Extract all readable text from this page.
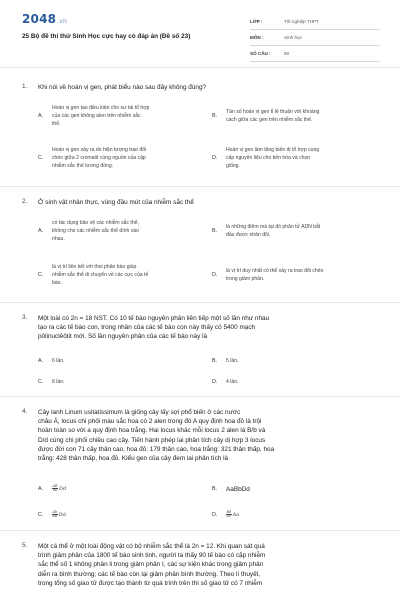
2048.vn
25 Bộ đề thi thử Sinh Học cực hay có đáp án (Đề số 23)
LỚP :	Tốt nghiệp THPT
MÔN :	Sinh học
SỐ CÂU :	50
1. Khi nói về hoán vị gen, phát biểu nào sau đây không đúng?
A.
Hoán vị gen tạo điều kiện cho sự tái tổ hợp
của các gen không alen trên nhiễm sắc
thể.
B.
Tần số hoán vị gen tỉ lệ thuận với khoảng
cách giữa các gen trên nhiễm sắc thể.
C.
Hoán vị gen xảy ra do hiện tượng trao đổi
chéo giữa 2 cromatit cùng nguồn của cặp
nhiễm sắc thể tương đồng.
D.
Hoán vị gen làm tăng biến dị tổ hợp cung
cấp nguyên liệu cho tiến hóa và chọn
giống.
2. Ở sinh vật nhân thực, vùng đầu mút của nhiễm sắc thể
A.
có tác dụng bảo vệ các nhiễm sắc thể,
không cho các nhiễm sắc thể dính vào
nhau.
B.
là những điểm mà tại đó phân tử ADN bắt
đầu được nhân đôi.
C.
là vị trí liên kết với thoi phân bào giúp
nhiễm sắc thể di chuyển về các cực của tế
bào.
D.
là vị trí duy nhất có thể xảy ra trao đổi chéo
trong giảm phân.
3. Một loài có 2n = 18 NST. Có 10 tế bào nguyên phân liên tiếp một số lần như nhau
tạo ra các tế bào con, trong nhân của các tế bào con này thấy có 5400 mạch
pôlinuclêôtit mới. Số lần nguyên phân của các tế bào này là
A.	6 lần.	B.	5 lần.
C.	8 lần.	D.	4 lần.
4. Cây lanh Linum usitatissimum là giống cây lấy sợi phổ biến ở các nước
châu Á, locus chi phối màu sắc hoa có 2 alen trong đó A quy định hoa đỏ là trội
hoàn toàn so với a quy định hoa trắng. Hai locus khác mỗi locus 2 alen là B/b và
D/d cùng chi phối chiều cao cây. Tiến hành phép lai phân tích cây dị hợp 3 locus
được đời con 71 cây thân cao, hoa đỏ: 179 thân cao, hoa trắng: 321 thân thấp, hoa
trắng: 428 thân thấp, hoa đỏ. Kiểu gen của cây đem lai phân tích là
A.	$\frac{AB}{ab}$ Dd	B.	AaBbDd
C.	$\frac{Ab}{aB} Dd$.	D.	$\frac{Bd}{bD}$ Aa
5. Một cá thể ở một loài động vật có bộ nhiễm sắc thể là 2n = 12. Khi quan sát quá
trình giảm phân của 1800 tế bào sinh tinh, người ta thấy 90 tế bào có cặp nhiễm
sắc thể số 1 không phân li trong giảm phân I, các sự kiện khác trong giảm phân
diễn ra bình thường; các tế bào còn lại giảm phân bình thường. Theo lí thuyết,
trong tổng số giao tử được tạo thành từ quá trình trên thì số giao tử có 7 nhiễm
